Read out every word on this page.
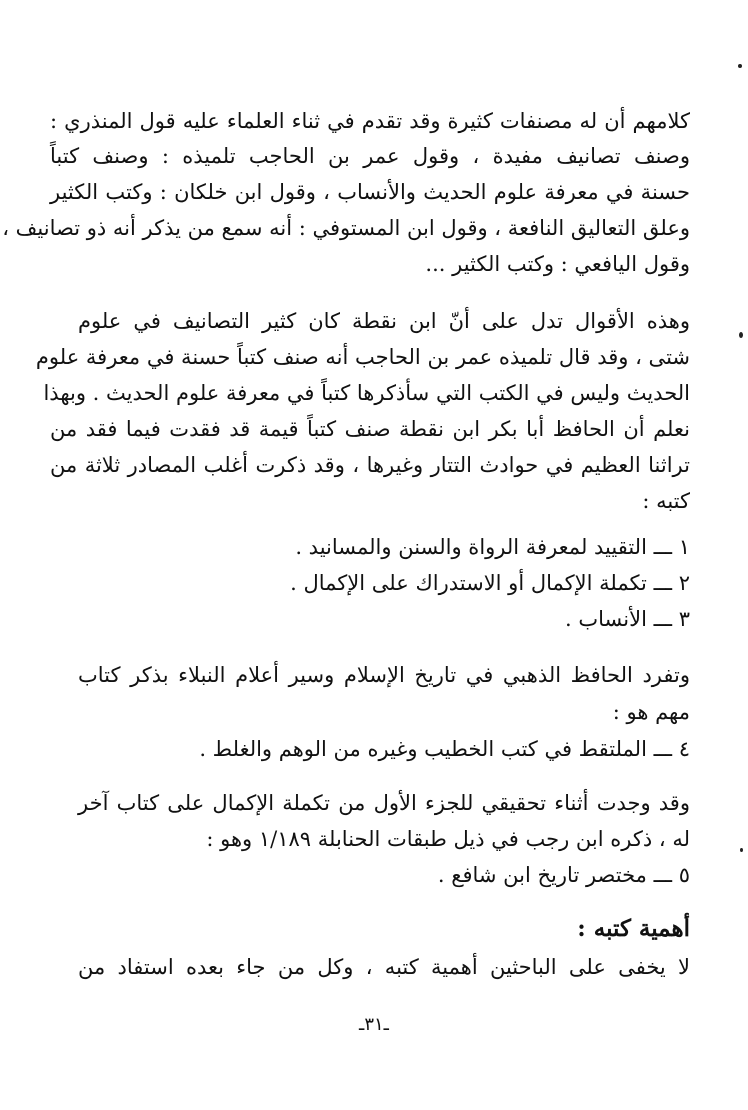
كلامهم أن له مصنفات كثيرة وقد تقدم في ثناء العلماء عليه قول المنذري :
وصنف تصانيف مفيدة ، وقول عمر بن الحاجب تلميذه : وصنف كتباً
حسنة في معرفة علوم الحديث والأنساب ، وقول ابن خلكان : وكتب الكثير
وعلق التعاليق النافعة ، وقول ابن المستوفي : أنه سمع من يذكر أنه ذو تصانيف ،
وقول اليافعي : وكتب الكثير ...
وهذه الأقوال تدل على أنّ ابن نقطة كان كثير التصانيف في علوم
شتى ، وقد قال تلميذه عمر بن الحاجب أنه صنف كتباً حسنة في معرفة علوم
الحديث وليس في الكتب التي سأذكرها كتباً في معرفة علوم الحديث . وبهذا
نعلم أن الحافظ أبا بكر ابن نقطة صنف كتباً قيمة قد فقدت فيما فقد من
تراثنا العظيم في حوادث التتار وغيرها ، وقد ذكرت أغلب المصادر ثلاثة من
كتبه :
١ ـــ التقييد لمعرفة الرواة والسنن والمسانيد .
٢ ـــ تكملة الإكمال أو الاستدراك على الإكمال .
٣ ـــ الأنساب .
وتفرد الحافظ الذهبي في تاريخ الإسلام وسير أعلام النبلاء بذكر كتاب
مهم هو :
٤ ـــ الملتقط في كتب الخطيب وغيره من الوهم والغلط .
وقد وجدت أثناء تحقيقي للجزء الأول من تكملة الإكمال على كتاب آخر
له ، ذكره ابن رجب في ذيل طبقات الحنابلة ١/١٨٩ وهو :
٥ ـــ مختصر تاريخ ابن شافع .
أهمية كتبه :
لا يخفى على الباحثين أهمية كتبه ، وكل من جاء بعده استفاد من
ـ٣١ـ
